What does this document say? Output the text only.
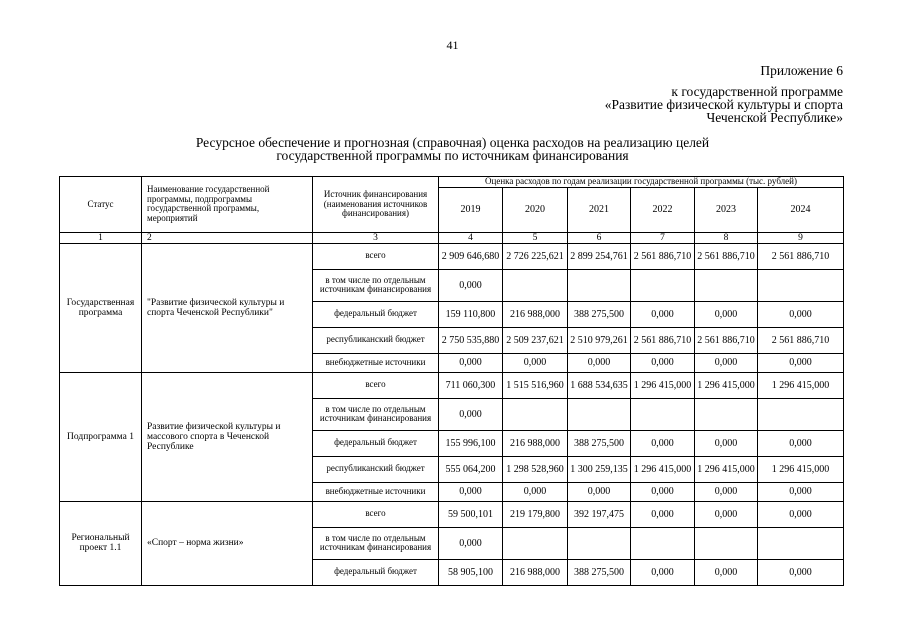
41
Приложение 6
к государственной программе
«Развитие физической культуры и спорта
Чеченской Республике»
Ресурсное обеспечение и прогнозная (справочная) оценка расходов на реализацию целей
государственной программы по источникам финансирования
Статус	Наименование государственной программы, подпрограммы государственной программы, мероприятий	Источник финансирования (наименования источников финансирования)	Оценка расходов по годам реализации государственной программы (тыс. рублей)					
			2019	2020	2021	2022	2023	2024
1	2	3	4	5	6	7	8	9
Государственная программа	"Развитие физической культуры и спорта Чеченской Республики"	всего	2 909 646,680	2 726 225,621	2 899 254,761	2 561 886,710	2 561 886,710	2 561 886,710
		в том числе по отдельным источникам финансирования	0,000					
		федеральный бюджет	159 110,800	216 988,000	388 275,500	0,000	0,000	0,000
		республиканский бюджет	2 750 535,880	2 509 237,621	2 510 979,261	2 561 886,710	2 561 886,710	2 561 886,710
		внебюджетные источники	0,000	0,000	0,000	0,000	0,000	0,000
Подпрограмма 1	Развитие физической культуры и массового спорта в Чеченской Республике	всего	711 060,300	1 515 516,960	1 688 534,635	1 296 415,000	1 296 415,000	1 296 415,000
		в том числе по отдельным источникам финансирования	0,000					
		федеральный бюджет	155 996,100	216 988,000	388 275,500	0,000	0,000	0,000
		республиканский бюджет	555 064,200	1 298 528,960	1 300 259,135	1 296 415,000	1 296 415,000	1 296 415,000
		внебюджетные источники	0,000	0,000	0,000	0,000	0,000	0,000
Региональный проект 1.1	«Спорт – норма жизни»	всего	59 500,101	219 179,800	392 197,475	0,000	0,000	0,000
		в том числе по отдельным источникам финансирования	0,000					
		федеральный бюджет	58 905,100	216 988,000	388 275,500	0,000	0,000	0,000
